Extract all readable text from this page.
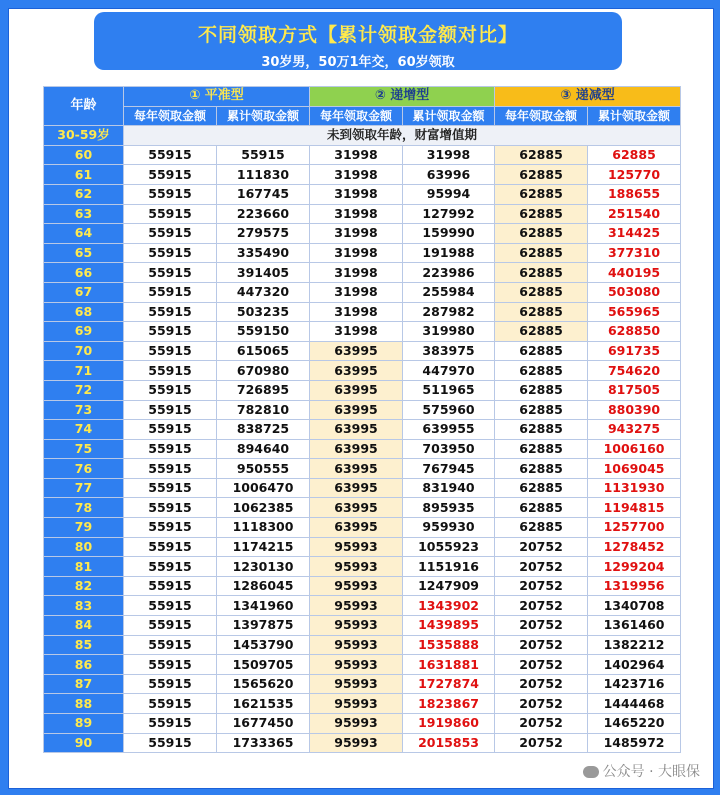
不同领取方式【累计领取金额对比】
30岁男，50万1年交，60岁领取
年龄	① 平准型		② 递增型		③ 递减型	
	每年领取金额	累计领取金额	每年领取金额	累计领取金额	每年领取金额	累计领取金额
30-59岁	未到领取年龄，财富增值期					
60	55915	55915	31998	31998	62885	62885
61	55915	111830	31998	63996	62885	125770
62	55915	167745	31998	95994	62885	188655
63	55915	223660	31998	127992	62885	251540
64	55915	279575	31998	159990	62885	314425
65	55915	335490	31998	191988	62885	377310
66	55915	391405	31998	223986	62885	440195
67	55915	447320	31998	255984	62885	503080
68	55915	503235	31998	287982	62885	565965
69	55915	559150	31998	319980	62885	628850
70	55915	615065	63995	383975	62885	691735
71	55915	670980	63995	447970	62885	754620
72	55915	726895	63995	511965	62885	817505
73	55915	782810	63995	575960	62885	880390
74	55915	838725	63995	639955	62885	943275
75	55915	894640	63995	703950	62885	1006160
76	55915	950555	63995	767945	62885	1069045
77	55915	1006470	63995	831940	62885	1131930
78	55915	1062385	63995	895935	62885	1194815
79	55915	1118300	63995	959930	62885	1257700
80	55915	1174215	95993	1055923	20752	1278452
81	55915	1230130	95993	1151916	20752	1299204
82	55915	1286045	95993	1247909	20752	1319956
83	55915	1341960	95993	1343902	20752	1340708
84	55915	1397875	95993	1439895	20752	1361460
85	55915	1453790	95993	1535888	20752	1382212
86	55915	1509705	95993	1631881	20752	1402964
87	55915	1565620	95993	1727874	20752	1423716
88	55915	1621535	95993	1823867	20752	1444468
89	55915	1677450	95993	1919860	20752	1465220
90	55915	1733365	95993	2015853	20752	1485972
公众号 · 大眼保
